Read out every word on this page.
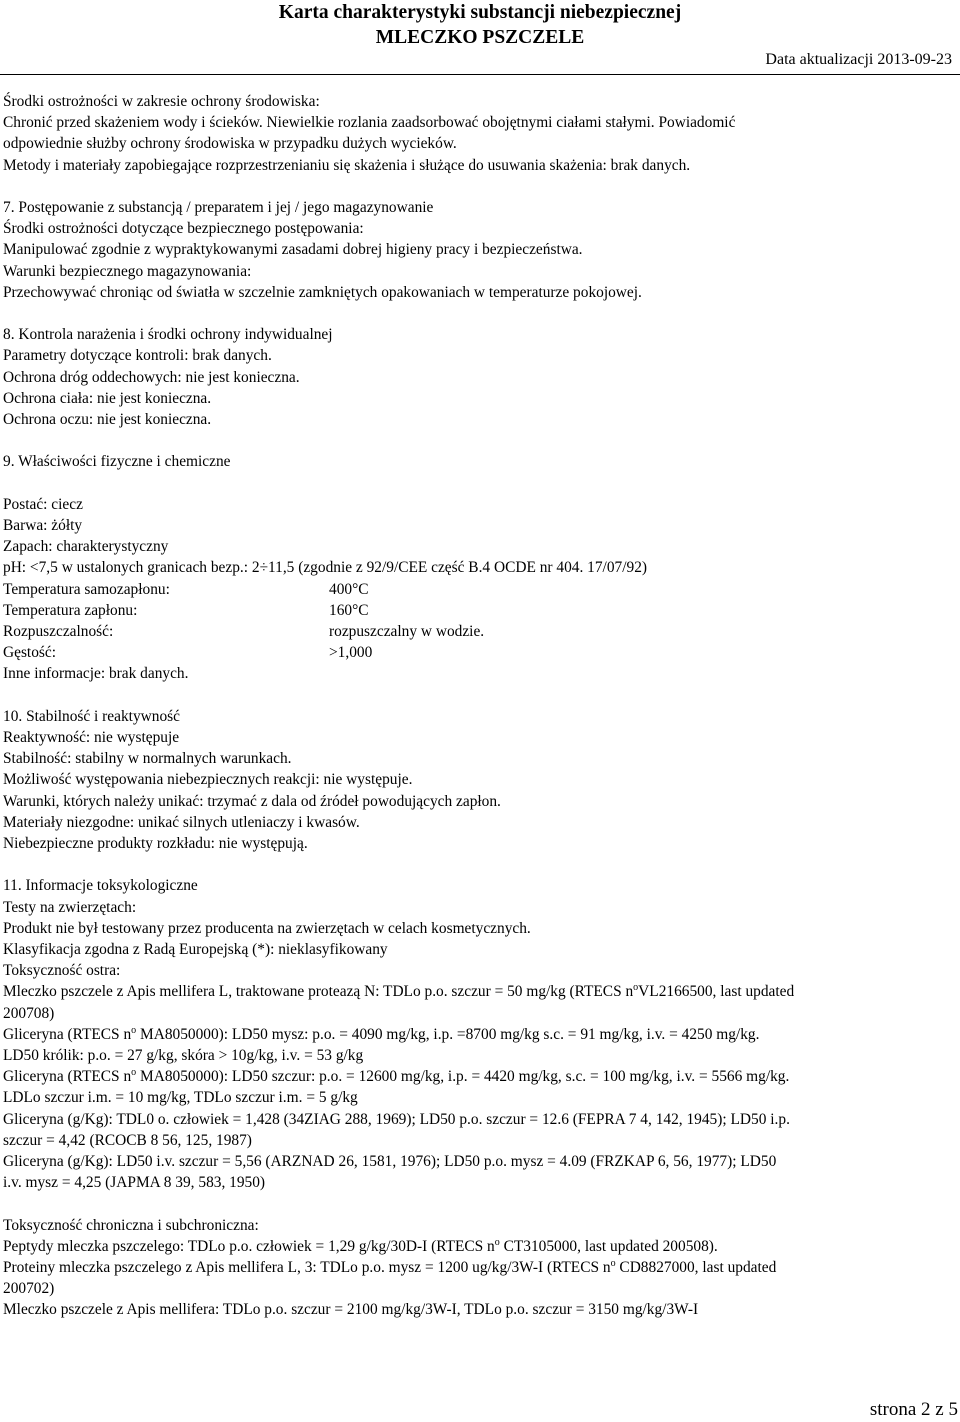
Karta charakterystyki substancji niebezpiecznej
MLECZKO PSZCZELE
Data aktualizacji 2013-09-23
Środki ostrożności w zakresie ochrony środowiska:
Chronić przed skażeniem wody i ścieków. Niewielkie rozlania zaadsorbować obojętnymi ciałami stałymi. Powiadomić
odpowiednie służby ochrony środowiska w przypadku dużych wycieków.
Metody i materiały zapobiegające rozprzestrzenianiu się skażenia i służące do usuwania skażenia: brak danych.
7. Postępowanie z substancją / preparatem i jej / jego magazynowanie
Środki ostrożności dotyczące bezpiecznego postępowania:
Manipulować zgodnie z wypraktykowanymi zasadami dobrej higieny pracy i bezpieczeństwa.
Warunki bezpiecznego magazynowania:
Przechowywać chroniąc od światła w szczelnie zamkniętych opakowaniach w temperaturze pokojowej.
8. Kontrola narażenia i środki ochrony indywidualnej
Parametry dotyczące kontroli: brak danych.
Ochrona dróg oddechowych: nie jest konieczna.
Ochrona ciała: nie jest konieczna.
Ochrona oczu: nie jest konieczna.
9. Właściwości fizyczne i chemiczne
Postać: ciecz
Barwa: żółty
Zapach: charakterystyczny
pH: <7,5 w ustalonych granicach bezp.: 2÷11,5 (zgodnie z 92/9/CEE część B.4 OCDE nr 404. 17/07/92)
Temperatura samozapłonu:	400°C
Temperatura zapłonu:	160°C
Rozpuszczalność:	rozpuszczalny w wodzie.
Gęstość:	>1,000
Inne informacje: brak danych.
10. Stabilność i reaktywność
Reaktywność: nie występuje
Stabilność: stabilny w normalnych warunkach.
Możliwość występowania niebezpiecznych reakcji: nie występuje.
Warunki, których należy unikać: trzymać z dala od źródeł powodujących zapłon.
Materiały niezgodne: unikać silnych utleniaczy i kwasów.
Niebezpieczne produkty rozkładu: nie występują.
11. Informacje toksykologiczne
Testy na zwierzętach:
Produkt nie był testowany przez producenta na zwierzętach w celach kosmetycznych.
Klasyfikacja zgodna z Radą Europejską (*): nieklasyfikowany
Toksyczność ostra:
Mleczko pszczele z Apis mellifera L, traktowane proteazą N: TDLo p.o. szczur = 50 mg/kg (RTECS $n^oVL2166500$, last updated
200708)
Gliceryna (RTECS $n^o$ MA8050000): LD50 mysz: p.o. = 4090 mg/kg, i.p. =8700 mg/kg s.c. = 91 mg/kg, i.v. = 4250 mg/kg.
LD50 królik: p.o. = 27 g/kg, skóra > 10g/kg, i.v. = 53 g/kg
Gliceryna (RTECS $n^o$ MA8050000): LD50 szczur: p.o. = 12600 mg/kg, i.p. = 4420 mg/kg, s.c. = 100 mg/kg, i.v. = 5566 mg/kg.
LDLo szczur i.m. = 10 mg/kg, TDLo szczur i.m. = 5 g/kg
Gliceryna (g/Kg): TDL0 o. człowiek = 1,428 (34ZIAG 288, 1969); LD50 p.o. szczur = 12.6 (FEPRA 7 4, 142, 1945); LD50 i.p.
szczur = 4,42 (RCOCB 8 56, 125, 1987)
Gliceryna (g/Kg): LD50 i.v. szczur = 5,56 (ARZNAD 26, 1581, 1976); LD50 p.o. mysz = 4.09 (FRZKAP 6, 56, 1977); LD50
i.v. mysz = 4,25 (JAPMA 8 39, 583, 1950)
Toksyczność chroniczna i subchroniczna:
Peptydy mleczka pszczelego: TDLo p.o. człowiek = 1,29 g/kg/30D-I (RTECS $n^o$ CT3105000, last updated 200508).
Proteiny mleczka pszczelego z Apis mellifera L, 3: TDLo p.o. mysz = 1200 ug/kg/3W-I (RTECS $n^o$ CD8827000, last updated
200702)
Mleczko pszczele z Apis mellifera: TDLo p.o. szczur = 2100 mg/kg/3W-I, TDLo p.o. szczur = 3150 mg/kg/3W-I
strona 2 z 5
